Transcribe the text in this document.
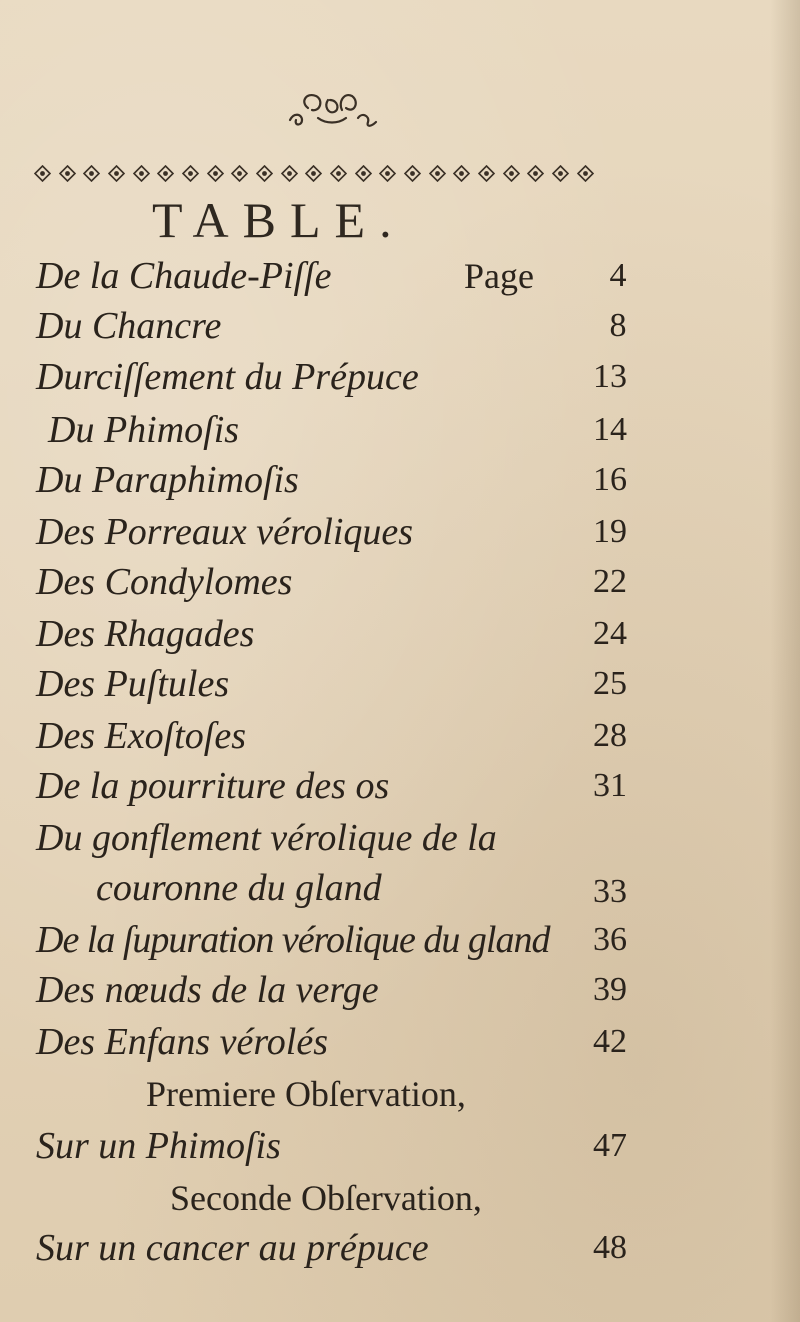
TABLE.
Page
De la Chaude-Piſſe	4
Du Chancre	8
Durciſſement du Prépuce	13
Du Phimoſis	14
Du Paraphimoſis	16
Des Porreaux véroliques	19
Des Condylomes	22
Des Rhagades	24
Des Puſtules	25
Des Exoſtoſes	28
De la pourriture des os	31
Du gonflement vérolique de la
couronne du gland	33
De la ſupuration vérolique du gland	36
Des nœuds de la verge	39
Des Enfans vérolés	42
Premiere Obſervation,
Sur un Phimoſis	47
Seconde Obſervation,
Sur un cancer au prépuce	48
